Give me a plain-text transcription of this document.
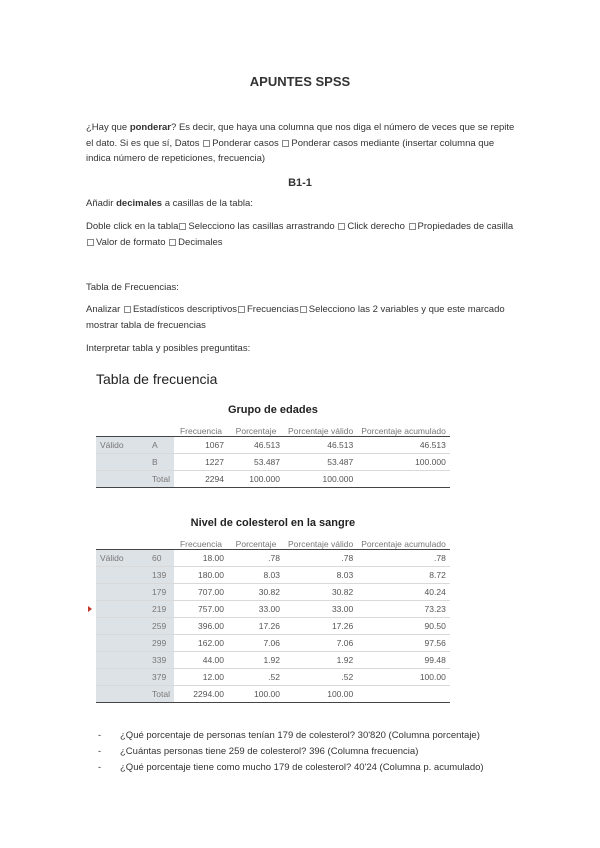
APUNTES SPSS
¿Hay que ponderar? Es decir, que haya una columna que nos diga el número de veces que se repite el dato. Si es que sí, Datos Ponderar casos Ponderar casos mediante (insertar columna que indica número de repeticiones, frecuencia)
B1-1
Añadir decimales a casillas de la tabla:
Doble click en la tabla Selecciono las casillas arrastrando Click derecho Propiedades de casilla Valor de formato Decimales
Tabla de Frecuencias:
Analizar Estadísticos descriptivos Frecuencias Selecciono las 2 variables y que este marcado mostrar tabla de frecuencias
Interpretar tabla y posibles preguntitas:
Tabla de frecuencia
Grupo de edades
		Frecuencia	Porcentaje	Porcentaje válido	Porcentaje acumulado
Válido	A	1067	46.513	46.513	46.513
	B	1227	53.487	53.487	100.000
	Total	2294	100.000	100.000	
Nivel de colesterol en la sangre
		Frecuencia	Porcentaje	Porcentaje válido	Porcentaje acumulado
Válido	60	18.00	.78	.78	.78
	139	180.00	8.03	8.03	8.72
	179	707.00	30.82	30.82	40.24
	219	757.00	33.00	33.00	73.23
	259	396.00	17.26	17.26	90.50
	299	162.00	7.06	7.06	97.56
	339	44.00	1.92	1.92	99.48
	379	12.00	.52	.52	100.00
	Total	2294.00	100.00	100.00	
-	¿Qué porcentaje de personas tenían 179 de colesterol? 30'820 (Columna porcentaje)
-	¿Cuántas personas tiene 259 de colesterol? 396 (Columna frecuencia)
-	¿Qué porcentaje tiene como mucho 179 de colesterol? 40'24 (Columna p. acumulado)
